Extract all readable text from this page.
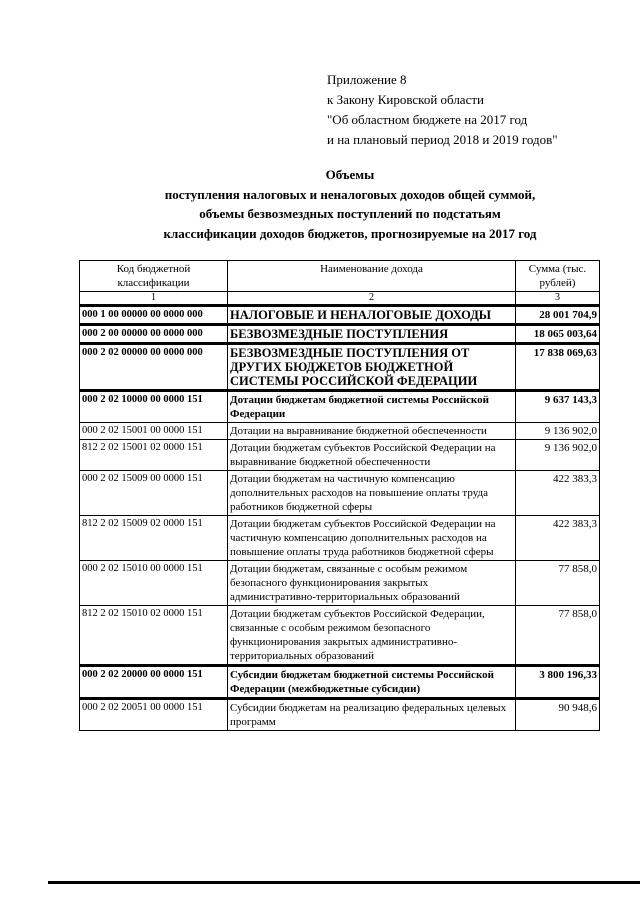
Приложение 8
к Закону Кировской области
"Об областном бюджете на 2017 год
и на плановый период 2018 и 2019 годов"
Объемы
поступления налоговых и неналоговых доходов общей суммой,
объемы безвозмездных поступлений по подстатьям
классификации доходов бюджетов, прогнозируемые на 2017 год
Код бюджетной классификации	Наименование дохода	Сумма (тыс. рублей)
1	2	3
000 1 00 00000 00 0000 000	НАЛОГОВЫЕ И НЕНАЛОГОВЫЕ ДОХОДЫ	28 001 704,9
000 2 00 00000 00 0000 000	БЕЗВОЗМЕЗДНЫЕ ПОСТУПЛЕНИЯ	18 065 003,64
000 2 02 00000 00 0000 000	БЕЗВОЗМЕЗДНЫЕ ПОСТУПЛЕНИЯ ОТ ДРУГИХ БЮДЖЕТОВ БЮДЖЕТНОЙ СИСТЕМЫ РОССИЙСКОЙ ФЕДЕРАЦИИ	17 838 069,63
000 2 02 10000 00 0000 151	Дотации бюджетам бюджетной системы Российской Федерации	9 637 143,3
000 2 02 15001 00 0000 151	Дотации на выравнивание бюджетной обеспеченности	9 136 902,0
812 2 02 15001 02 0000 151	Дотации бюджетам субъектов Российской Федерации на выравнивание бюджетной обеспеченности	9 136 902,0
000 2 02 15009 00 0000 151	Дотации бюджетам на частичную компенсацию дополнительных расходов на повышение оплаты труда работников бюджетной сферы	422 383,3
812 2 02 15009 02 0000 151	Дотации бюджетам субъектов Российской Федерации на частичную компенсацию дополнительных расходов на повышение оплаты труда работников бюджетной сферы	422 383,3
000 2 02 15010 00 0000 151	Дотации бюджетам, связанные с особым режимом безопасного функционирования закрытых административно-территориальных образований	77 858,0
812 2 02 15010 02 0000 151	Дотации бюджетам субъектов Российской Федерации, связанные с особым режимом безопасного функционирования закрытых административно-территориальных образований	77 858,0
000 2 02 20000 00 0000 151	Субсидии бюджетам бюджетной системы Российской Федерации (межбюджетные субсидии)	3 800 196,33
000 2 02 20051 00 0000 151	Субсидии бюджетам на реализацию федеральных целевых программ	90 948,6
